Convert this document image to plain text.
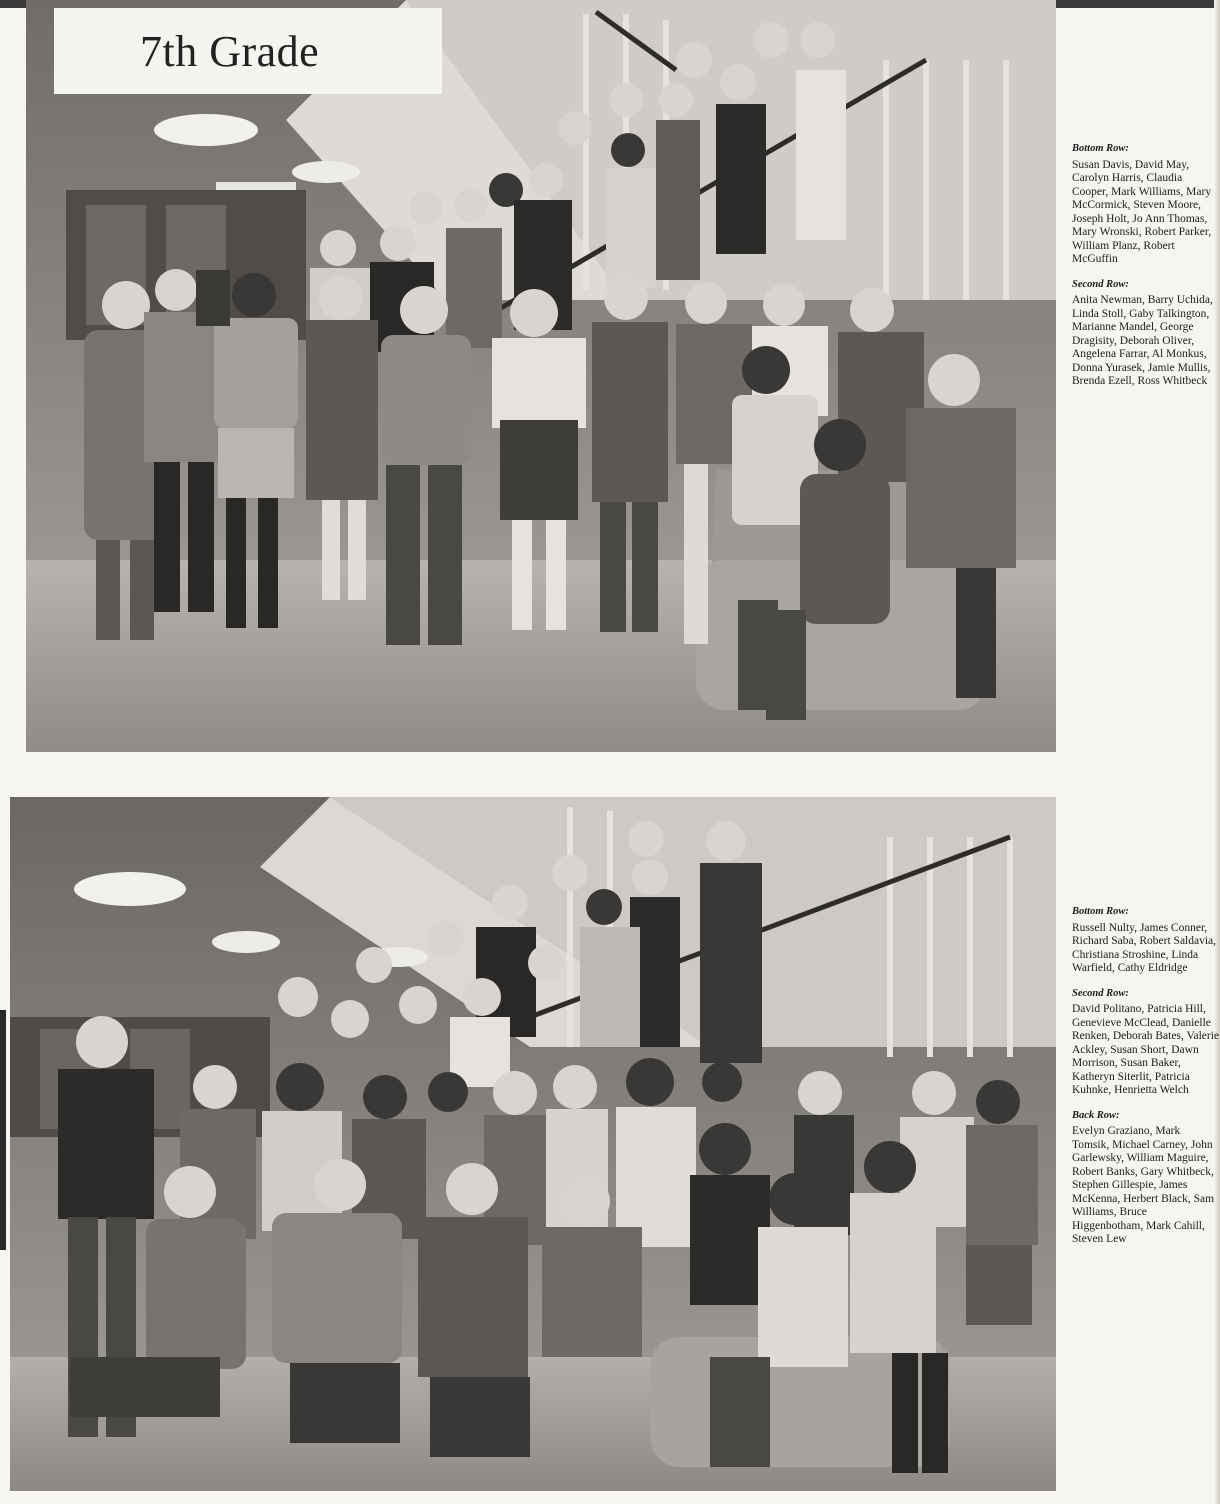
7th Grade
Bottom Row:
Susan Davis, David May, Carolyn Harris, Claudia Cooper, Mark Williams, Mary McCormick, Steven Moore, Joseph Holt, Jo Ann Thomas, Mary Wronski, Robert Parker, William Planz, Robert McGuffin
Second Row:
Anita Newman, Barry Uchida, Linda Stoll, Gaby Talkington, Marianne Mandel, George Dragisity, Deborah Oliver, Angelena Farrar, Al Monkus, Donna Yurasek, Jamie Mullis, Brenda Ezell, Ross Whitbeck
Bottom Row:
Russell Nulty, James Conner, Richard Saba, Robert Saldavia, Christiana Stroshine, Linda Warfield, Cathy Eldridge
Second Row:
David Politano, Patricia Hill, Genevieve McClead, Danielle Renken, Deborah Bates, Valerie Ackley, Susan Short, Dawn Morrison, Susan Baker, Katheryn Siterlit, Patricia Kuhnke, Henrietta Welch
Back Row:
Evelyn Graziano, Mark Tomsik, Michael Carney, John Garlewsky, William Maguire, Robert Banks, Gary Whitbeck, Stephen Gillespie, James McKenna, Herbert Black, Sam Williams, Bruce Higgenbotham, Mark Cahill, Steven Lew
